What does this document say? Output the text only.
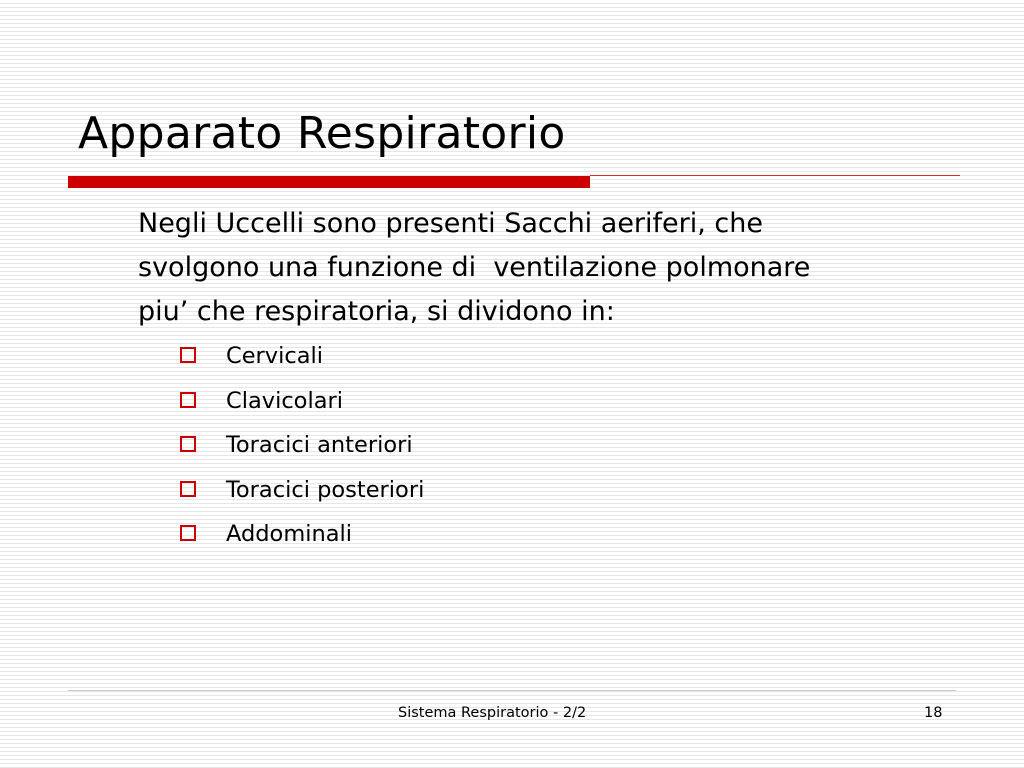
Apparato Respiratorio

Negli Uccelli sono presenti Sacchi aeriferi, che
svolgono una funzione di  ventilazione polmonare
piu’ che respiratoria, si dividono in:

Cervicali
Clavicolari
Toracici anteriori
Toracici posteriori
Addominali
Sistema Respiratorio - 2/2	18
